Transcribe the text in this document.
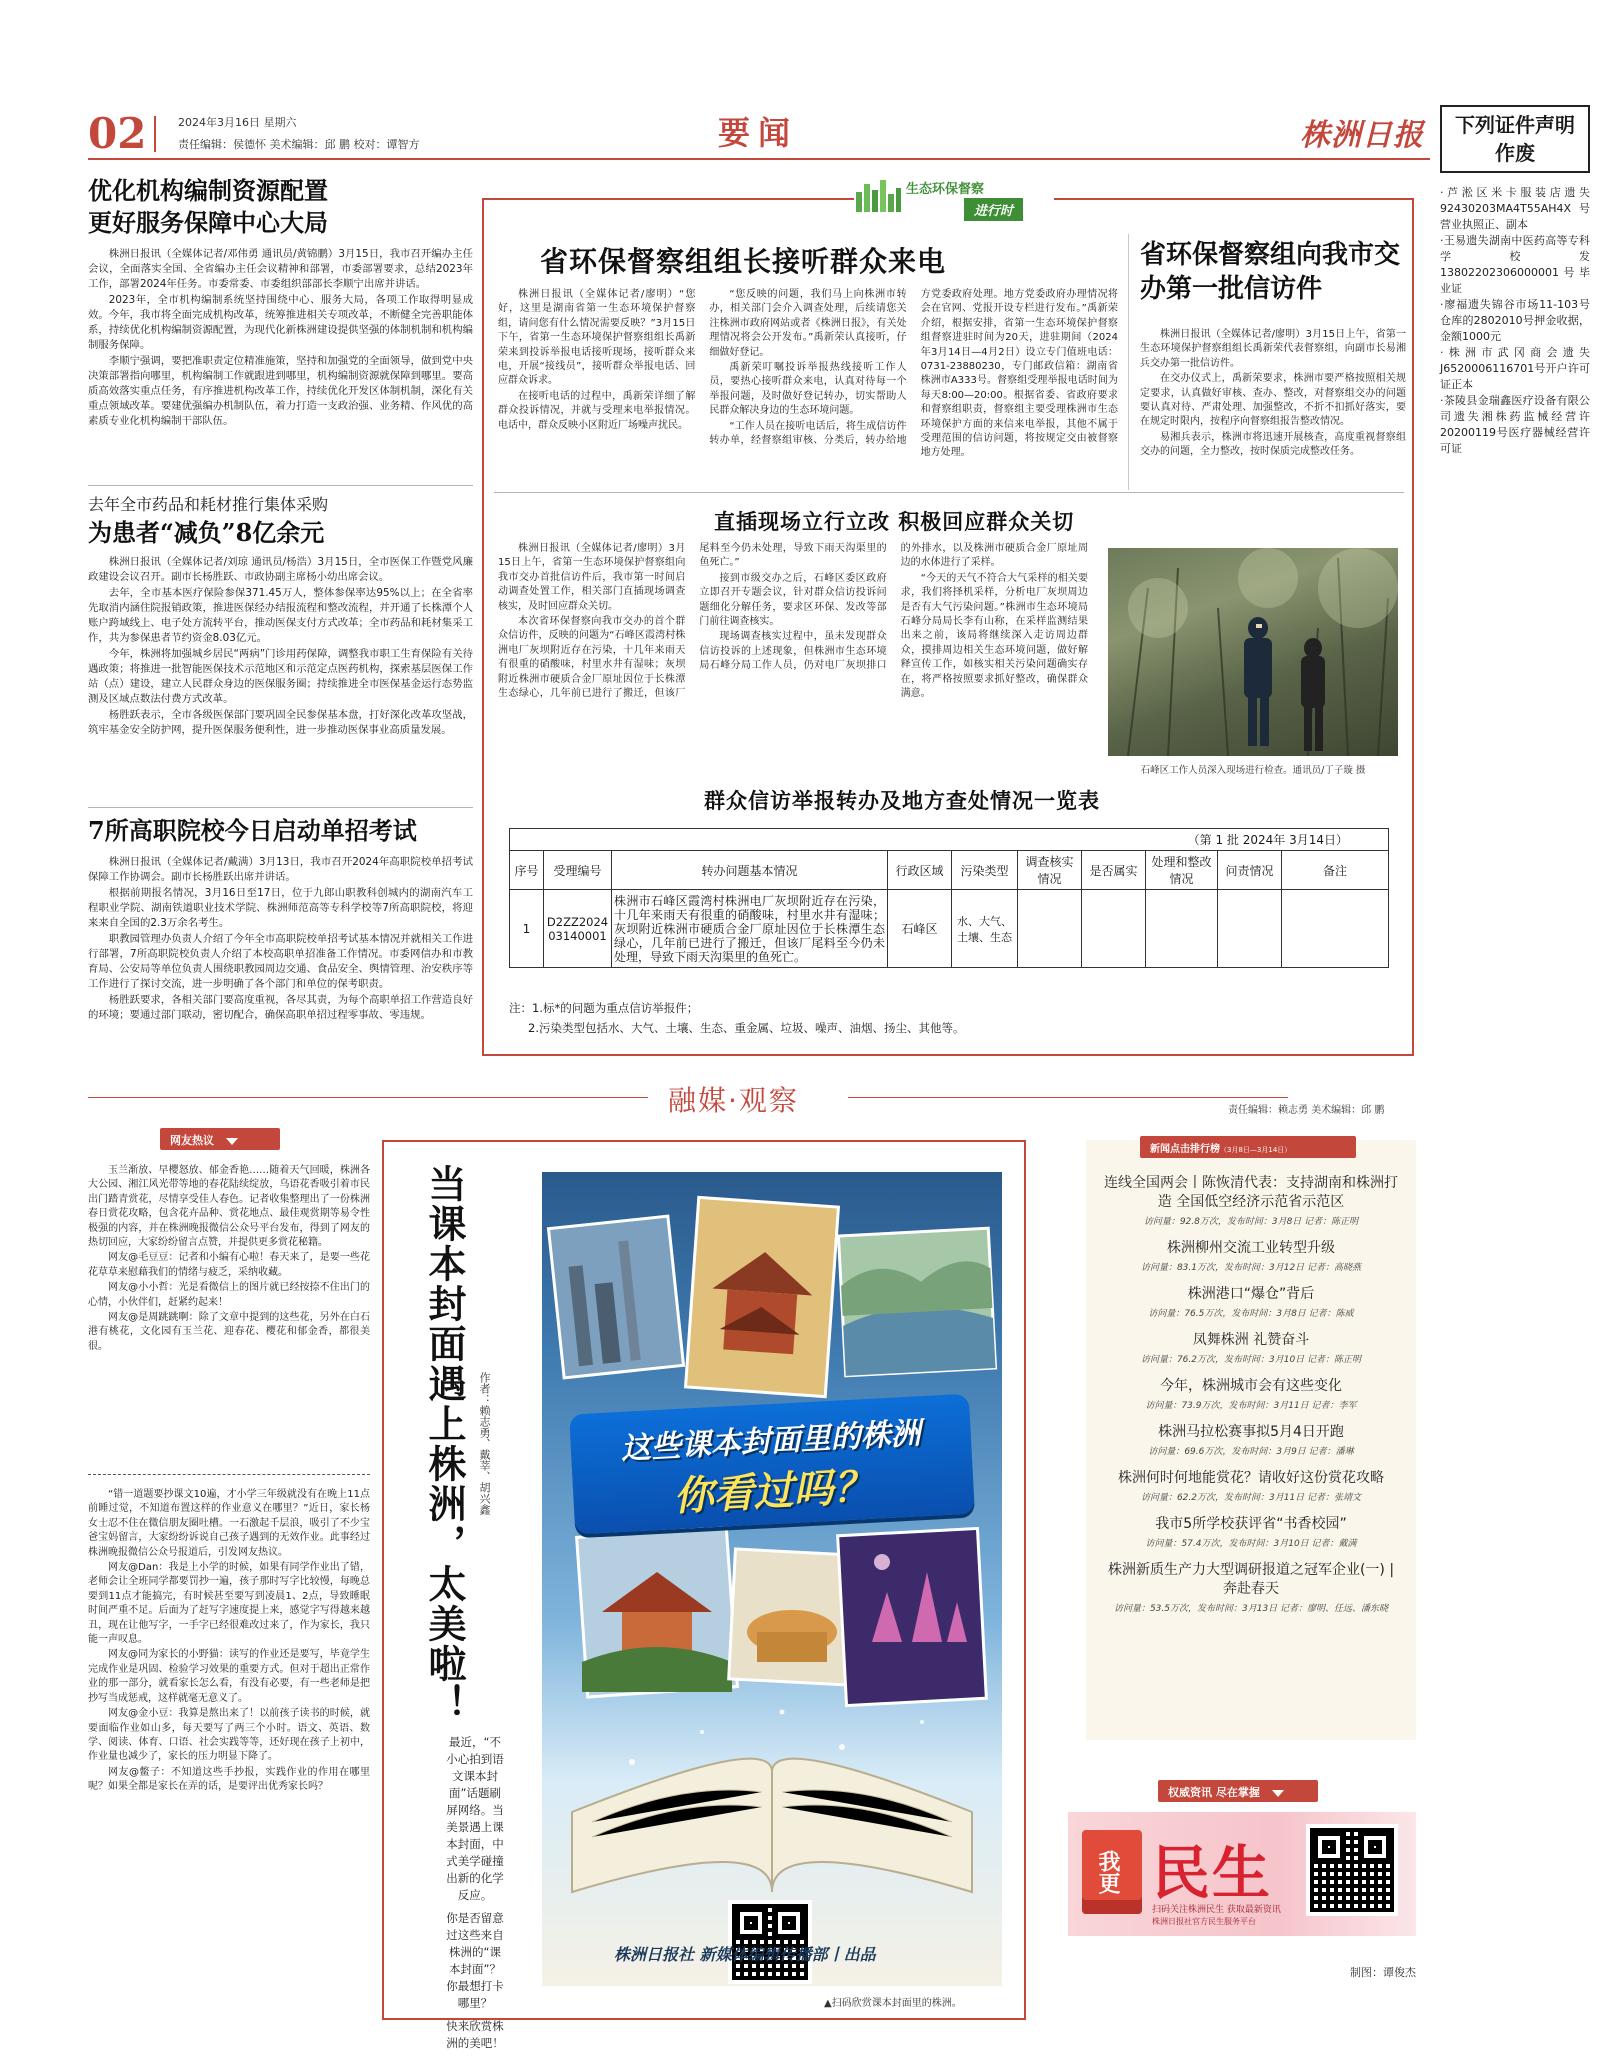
02	2024年3月16日 星期六
责任编辑：侯德怀 美术编辑：邱 鹏 校对：谭智方	要闻	株洲日报	下列证件声明作废

·芦淞区米卡服装店遗失92430203MA4T55AH4X号营业执照正、副本

·王易遗失湖南中医药高等专科学校发13802202306000001号毕业证

·廖福遗失锦谷市场11-103号仓库的2802010号押金收据，金额1000元

·株洲市武冈商会遗失J6520006116701号开户许可证正本

·茶陵县金瑞鑫医疗设备有限公司遗失湘株药监械经营许20200119号医疗器械经营许可证

优化机构编制资源配置
更好服务保障中心大局

株洲日报讯（全媒体记者/邓伟勇 通讯员/黄锦鹏）3月15日，我市召开编办主任会议，全面落实全国、全省编办主任会议精神和部署，市委部署要求，总结2023年工作，部署2024年任务。市委常委、市委组织部部长李顺宁出席并讲话。

2023年，全市机构编制系统坚持围绕中心、服务大局，各项工作取得明显成效。今年，我市将全面完成机构改革，统筹推进相关专项改革，不断健全完善职能体系，持续优化机构编制资源配置，为现代化新株洲建设提供坚强的体制机制和机构编制服务保障。

李顺宁强调，要把准职责定位精准施策，坚持和加强党的全面领导，做到党中央决策部署指向哪里，机构编制工作就跟进到哪里，机构编制资源就保障到哪里。要高质高效落实重点任务，有序推进机构改革工作，持续优化开发区体制机制，深化有关重点领域改革。要建优强编办机制队伍，着力打造一支政治强、业务精、作风优的高素质专业化机构编制干部队伍。

去年全市药品和耗材推行集体采购
为患者“减负”8亿余元

株洲日报讯（全媒体记者/刘琼 通讯员/杨浩）3月15日，全市医保工作暨党风廉政建设会议召开。副市长杨胜跃、市政协副主席杨小幼出席会议。

去年，全市基本医疗保险参保371.45万人，整体参保率达95%以上；在全省率先取消内涵住院报销政策，推进医保经办结报流程和整改流程，并开通了长株潭个人账户跨域线上、电子处方流转平台，推动医保支付方式改革；全市药品和耗材集采工作，共为参保患者节约资金8.03亿元。

今年，株洲将加强城乡居民“两病”门诊用药保障，调整我市职工生育保险有关待遇政策；将推进一批智能医保技术示范地区和示范定点医药机构，探索基层医保工作站（点）建设，建立人民群众身边的医保服务圈；持续推进全市医保基金运行态势监测及区域点数法付费方式改革。

杨胜跃表示，全市各级医保部门要巩固全民参保基本盘，打好深化改革攻坚战，筑牢基金安全防护网，提升医保服务便利性，进一步推动医保事业高质量发展。

7所高职院校今日启动单招考试

株洲日报讯（全媒体记者/戴满）3月13日，我市召开2024年高职院校单招考试保障工作协调会。副市长杨胜跃出席并讲话。

根据前期报名情况，3月16日至17日，位于九郎山职教科创城内的湖南汽车工程职业学院、湖南铁道职业技术学院、株洲师范高等专科学校等7所高职院校，将迎来来自全国的2.3万余名考生。

职教园管理办负责人介绍了今年全市高职院校单招考试基本情况并就相关工作进行部署，7所高职院校负责人介绍了本校高职单招准备工作情况。市委网信办和市教育局、公安局等单位负责人围绕职教园周边交通、食品安全、舆情管理、治安秩序等工作进行了探讨交流，进一步明确了各个部门和单位的保考职责。

杨胜跃要求，各相关部门要高度重视，各尽其责，为每个高职单招工作营造良好的环境；要通过部门联动，密切配合，确保高职单招过程零事故、零违规。

生态环保督察
进行时
省环保督察组组长接听群众来电

株洲日报讯（全媒体记者/廖明）“您好，这里是湖南省第一生态环境保护督察组，请问您有什么情况需要反映？”3月15日下午，省第一生态环境保护督察组组长禹新荣来到投诉举报电话接听现场，接听群众来电，开展“接线员”，接听群众举报电话、回应群众诉求。

在接听电话的过程中，禹新荣详细了解群众投诉情况，并就与受理来电举报情况。电话中，群众反映小区附近厂场噪声扰民。

“您反映的问题，我们马上向株洲市转办，相关部门会介入调查处理，后续请您关注株洲市政府网站或者《株洲日报》，有关处理情况将会公开发布。”禹新荣认真接听，仔细做好登记。

禹新荣叮嘱投诉举报热线接听工作人员，要热心接听群众来电，认真对待每一个举报问题，及时做好登记转办，切实帮助人民群众解决身边的生态环境问题。

“工作人员在接听电话后，将生成信访件转办单，经督察组审核、分类后，转办给地方党委政府处理。地方党委政府办理情况将会在官网、党报开设专栏进行发布。”禹新荣介绍，根据安排，省第一生态环境保护督察组督察进驻时间为20天，进驻期间（2024年3月14日—4月2日）设立专门值班电话：0731-23880230，专门邮政信箱：湖南省株洲市A333号。督察组受理举报电话时间为每天8:00—20:00。根据省委、省政府要求和督察组职责，督察组主要受理株洲市生态环境保护方面的来信来电举报，其他不属于受理范围的信访问题，将按规定交由被督察地方处理。

省环保督察组向我市交办第一批信访件

株洲日报讯（全媒体记者/廖明）3月15日上午，省第一生态环境保护督察组组长禹新荣代表督察组，向副市长易湘兵交办第一批信访件。

在交办仪式上，禹新荣要求，株洲市要严格按照相关规定要求，认真做好审核、查办、整改，对督察组交办的问题要认真对待、严肃处理、加强整改，不折不扣抓好落实，要在规定时限内，按程序向督察组报告整改情况。

易湘兵表示，株洲市将迅速开展核查，高度重视督察组交办的问题，全力整改，按时保质完成整改任务。

直插现场立行立改 积极回应群众关切

株洲日报讯（全媒体记者/廖明）3月15日上午，省第一生态环境保护督察组向我市交办首批信访件后，我市第一时间启动调查处置工作，相关部门直插现场调查核实，及时回应群众关切。

本次省环保督察向我市交办的首个群众信访件，反映的问题为“石峰区霞湾村株洲电厂灰坝附近存在污染，十几年来雨天有很重的硝酸味，村里水井有湿味；灰坝附近株洲市硬质合金厂原址因位于长株潭生态绿心，几年前已进行了搬迁，但该厂尾料至今仍未处理，导致下雨天沟渠里的鱼死亡。”

接到市级交办之后，石峰区委区政府立即召开专题会议，针对群众信访投诉问题细化分解任务，要求区环保、发改等部门前往调查核实。

现场调查核实过程中，虽未发现群众信访投诉的上述现象，但株洲市生态环境局石峰分局工作人员，仍对电厂灰坝排口的外排水，以及株洲市硬质合金厂原址周边的水体进行了采样。

“今天的天气不符合大气采样的相关要求，我们将择机采样，分析电厂灰坝周边是否有大气污染问题。”株洲市生态环境局石峰分局局长李有山称，在采样监测结果出来之前，该局将继续深入走访周边群众，摸排周边相关生态环境问题，做好解释宣传工作，如核实相关污染问题确实存在，将严格按照要求抓好整改，确保群众满意。

石峰区工作人员深入现场进行检查。通讯员/丁子璇 摄
群众信访举报转办及地方查处情况一览表
（第 1 批 2024年 3月14日）									
序号	受理编号	转办问题基本情况	行政区域	污染类型	调查核实情况	是否属实	处理和整改情况	问责情况	备注
1	D2ZZ202403140001	株洲市石峰区霞湾村株洲电厂灰坝附近存在污染，十几年来雨天有很重的硝酸味，村里水井有湿味；灰坝附近株洲市硬质合金厂原址因位于长株潭生态绿心，几年前已进行了搬迁，但该厂尾料至今仍未处理，导致下雨天沟渠里的鱼死亡。	石峰区	水、大气、土壤、生态					
注：1.标*的问题为重点信访举报件；
2.污染类型包括水、大气、土壤、生态、重金属、垃圾、噪声、油烟、扬尘、其他等。
融媒·观察	责任编辑：赖志勇 美术编辑：邱 鹏
网友热议

玉兰渐放、早樱怒放、郁金香艳……随着天气回暖，株洲各大公园、湘江风光带等地的春花陆续绽放，乌语花香吸引着市民出门踏青赏花，尽情享受佳人春色。记者收集整理出了一份株洲春日赏花攻略，包含花卉品种、赏花地点、最佳观赏期等易令性极强的内容，并在株洲晚报微信公众号平台发布，得到了网友的热切回应，大家纷纷留言点赞，并提供更多赏花秘籍。

网友@毛豆豆：记者和小编有心啦！春天来了，是要一些花花草草来慰藉我们的情绪与疲乏，采纳收藏。

网友@小小哲：光是看微信上的图片就已经按捺不住出门的心情，小伙伴们，赶紧约起来！

网友@是周跳跳啊：除了文章中提到的这些花，另外在白石港有桃花，文化园有玉兰花、迎春花、樱花和郁金香，都很美很。

“错一道题要抄课文10遍，才小学三年级就没有在晚上11点前睡过觉，不知道布置这样的作业意义在哪里？”近日，家长杨女士忍不住在微信朋友圈吐槽。一石激起千层浪，吸引了不少宝爸宝妈留言，大家纷纷诉说自己孩子遇到的无效作业。此事经过株洲晚报微信公众号报道后，引发网友热议。

网友@Dan：我是上小学的时候，如果有同学作业出了错，老师会让全班同学都要罚抄一遍，孩子那时写字比较慢，每晚总要到11点才能搞完，有时候甚至要写到凌晨1、2点，导致睡眠时间严重不足。后面为了赶写字速度提上来，感觉字写得越来越丑，现在让他写字，一手字已经很难改过来了，作为家长，我只能一声叹息。

网友@同为家长的小野猫：读写的作业还是要写，毕竟学生完成作业是巩固、检验学习效果的重要方式。但对于超出正常作业的那一部分，就看家长怎么看，有没有必要，有一些老师是把抄写当成惩戒，这样就毫无意义了。

网友@金小豆：我算是熬出来了！以前孩子读书的时候，就要面临作业如山多，每天要写了两三个小时。语文、英语、数学、阅读、体育、口语、社会实践等等，还好现在孩子上初中，作业量也减少了，家长的压力明显下降了。

网友@鳖子：不知道这些手抄报，实践作业的作用在哪里呢？如果全都是家长在弄的话，是要评出优秀家长吗？

当课本封面遇上株洲，太美啦！ 作者：赖志勇、戴莘、胡兴鑫

最近，“不小心拍到语文课本封面”话题刷屏网络。当美景遇上课本封面，中式美学碰撞出新的化学反应。

你是否留意过这些来自株洲的“课本封面”？你最想打卡哪里？

快来欣赏株洲的美吧！

这些课本封面里的株洲
你看过吗？
株洲日报社 新媒体编辑传播部丨出品
▲扫码欣赏课本封面里的株洲。
新闻点击排行榜（3月8日—3月14日）
连线全国两会丨陈恢清代表：支持湖南和株洲打造 全国低空经济示范省示范区
访问量：92.8万次，发布时间：3月8日 记者：陈正明
株洲柳州交流工业转型升级
访问量：83.1万次，发布时间：3月12日 记者：高晓燕
株洲港口“爆仓”背后
访问量：76.5万次，发布时间：3月8日 记者：陈威
凤舞株洲 礼赞奋斗
访问量：76.2万次，发布时间：3月10日 记者：陈正明
今年，株洲城市会有这些变化
访问量：73.9万次，发布时间：3月11日 记者：李军
株洲马拉松赛事拟5月4日开跑
访问量：69.6万次，发布时间：3月9日 记者：潘琳
株洲何时何地能赏花？请收好这份赏花攻略
访问量：62.2万次，发布时间：3月11日 记者：张靖文
我市5所学校获评省“书香校园”
访问量：57.4万次，发布时间：3月10日 记者：戴满
株洲新质生产力大型调研报道之冠军企业(一) | 奔赴春天
访问量：53.5万次，发布时间：3月13日 记者：廖明、任远、潘东晓
权威资讯 尽在掌握
我更 民生
扫码关注株洲民生 获取最新资讯
株洲日报社官方民生服务平台
制图：谭俊杰
